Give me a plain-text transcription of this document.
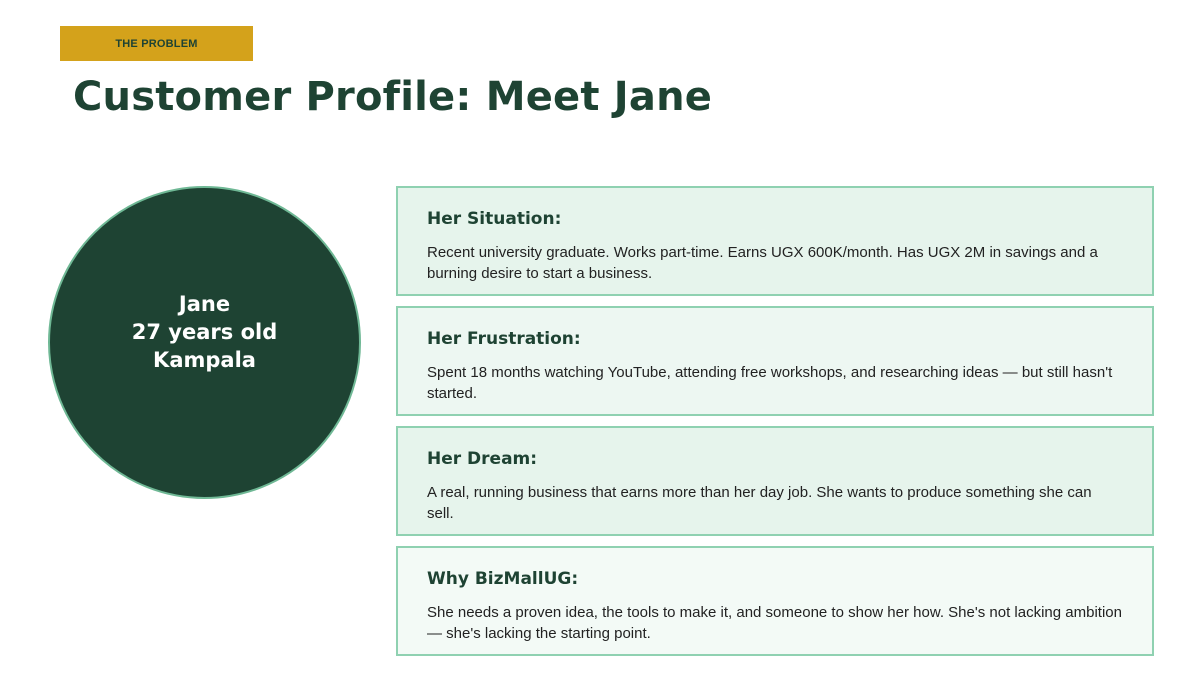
THE PROBLEM
Customer Profile: Meet Jane
Jane
27 years old
Kampala
Her Situation:
Recent university graduate. Works part-time. Earns UGX 600K/month. Has UGX 2M in savings and a burning desire to start a business.
Her Frustration:
Spent 18 months watching YouTube, attending free workshops, and researching ideas — but still hasn't started.
Her Dream:
A real, running business that earns more than her day job. She wants to produce something she can sell.
Why BizMallUG:
She needs a proven idea, the tools to make it, and someone to show her how. She's not lacking ambition — she's lacking the starting point.
